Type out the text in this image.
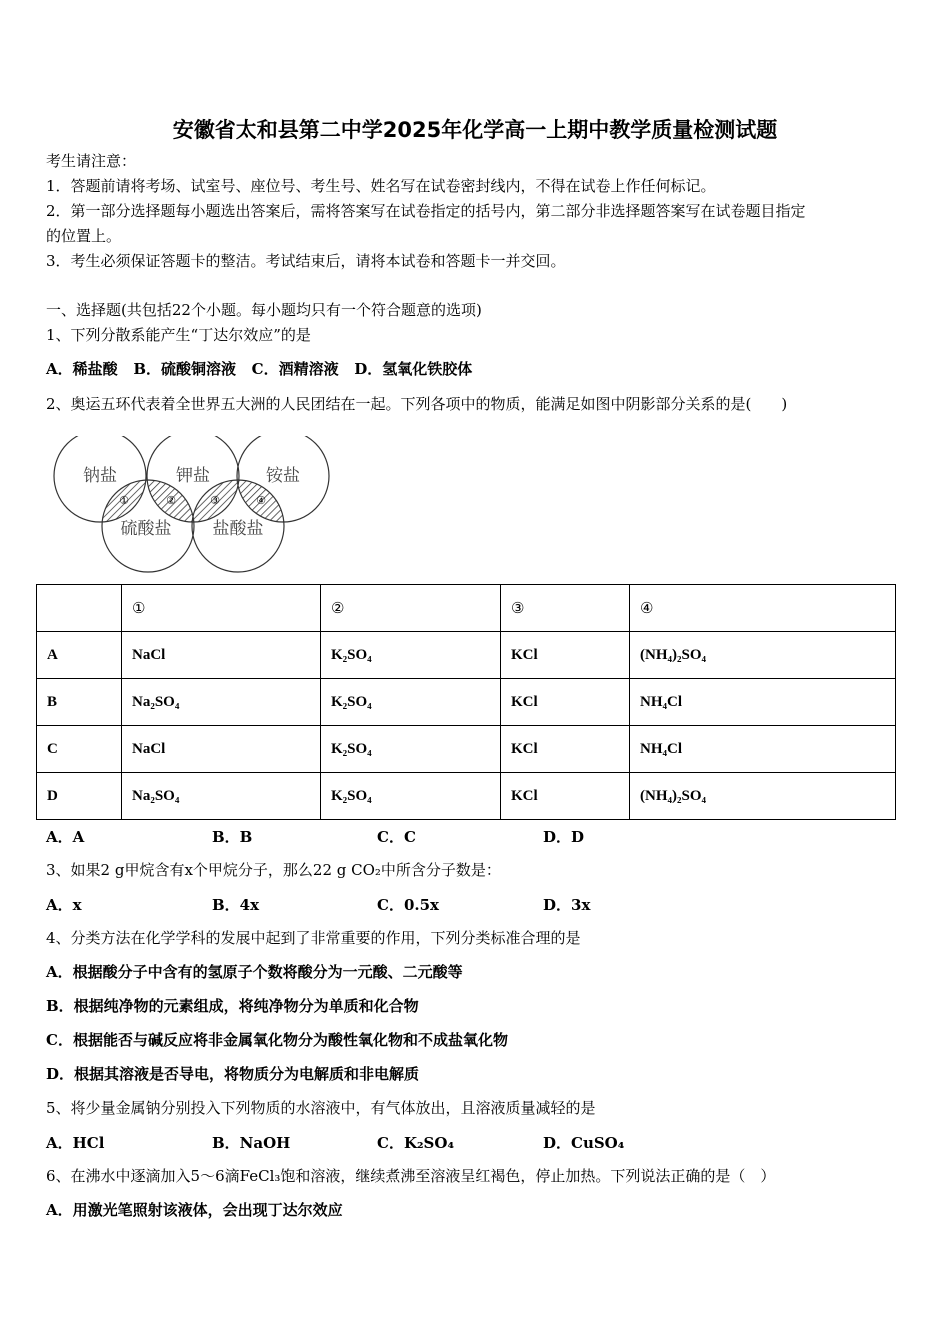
安徽省太和县第二中学2025年化学高一上期中教学质量检测试题
考生请注意：
1．答题前请将考场、试室号、座位号、考生号、姓名写在试卷密封线内，不得在试卷上作任何标记。
2．第一部分选择题每小题选出答案后，需将答案写在试卷指定的括号内，第二部分非选择题答案写在试卷题目指定
的位置上。
3．考生必须保证答题卡的整洁。考试结束后，请将本试卷和答题卡一并交回。
一、选择题(共包括22个小题。每小题均只有一个符合题意的选项)
1、下列分散系能产生“丁达尔效应”的是
A．稀盐酸 B．硫酸铜溶液 C．酒精溶液 D．氢氧化铁胶体
2、奥运五环代表着全世界五大洲的人民团结在一起。下列各项中的物质，能满足如图中阴影部分关系的是(　　)
钠盐	钾盐	铵盐
硫酸盐 盐酸盐
①	②	③	④
	①	②	③	④
A	NaCl	K₂SO₄	KCl	(NH₄)₂SO₄
B	Na₂SO₄	K₂SO₄	KCl	NH₄Cl
C	NaCl	K₂SO₄	KCl	NH₄Cl
D	Na₂SO₄	K₂SO₄	KCl	(NH₄)₂SO₄
A．A	B．B	C．C	D．D
3、如果2 g甲烷含有x个甲烷分子，那么22 g CO₂中所含分子数是：
A．x	B．4x	C．0.5x	D．3x
4、分类方法在化学学科的发展中起到了非常重要的作用，下列分类标准合理的是
A．根据酸分子中含有的氢原子个数将酸分为一元酸、二元酸等
B．根据纯净物的元素组成，将纯净物分为单质和化合物
C．根据能否与碱反应将非金属氧化物分为酸性氧化物和不成盐氧化物
D．根据其溶液是否导电，将物质分为电解质和非电解质
5、将少量金属钠分别投入下列物质的水溶液中，有气体放出，且溶液质量减轻的是
A．HCl	B．NaOH	C．K₂SO₄	D．CuSO₄
6、在沸水中逐滴加入5～6滴FeCl₃饱和溶液，继续煮沸至溶液呈红褐色，停止加热。下列说法正确的是（　）
A．用激光笔照射该液体，会出现丁达尔效应
